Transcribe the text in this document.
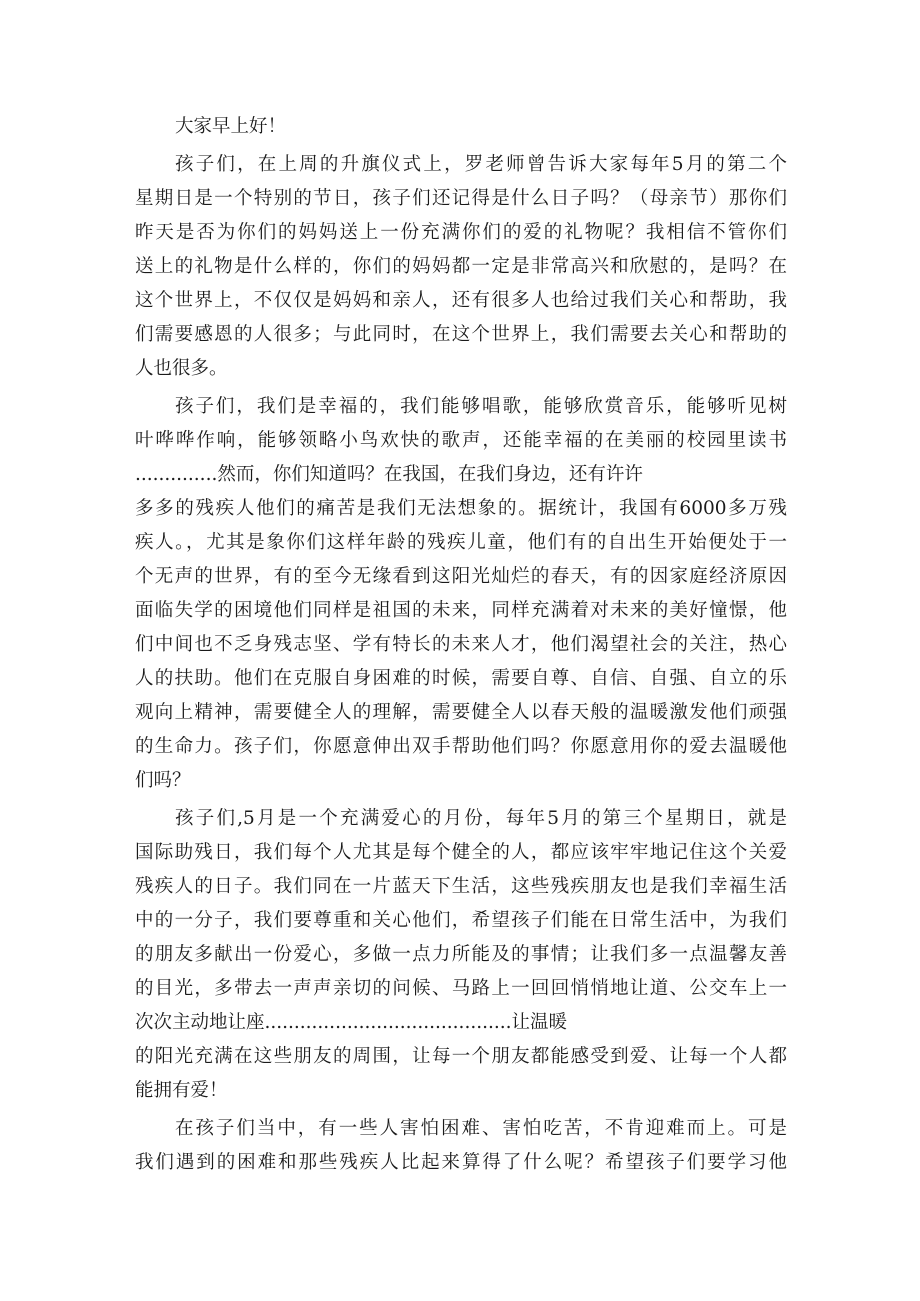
大家早上好！
孩子们，在上周的升旗仪式上，罗老师曾告诉大家每年5月的第二个
星期日是一个特别的节日，孩子们还记得是什么日子吗？（母亲节）那你们
昨天是否为你们的妈妈送上一份充满你们的爱的礼物呢？我相信不管你们
送上的礼物是什么样的，你们的妈妈都一定是非常高兴和欣慰的，是吗？在
这个世界上，不仅仅是妈妈和亲人，还有很多人也给过我们关心和帮助，我
们需要感恩的人很多；与此同时，在这个世界上，我们需要去关心和帮助的
人也很多。
孩子们，我们是幸福的，我们能够唱歌，能够欣赏音乐，能够听见树
叶哗哗作响，能够领略小鸟欢快的歌声，还能幸福的在美丽的校园里读书
..............然而，你们知道吗？在我国，在我们身边，还有许许
多多的残疾人他们的痛苦是我们无法想象的。据统计，我国有6000多万残
疾人。，尤其是象你们这样年龄的残疾儿童，他们有的自出生开始便处于一
个无声的世界，有的至今无缘看到这阳光灿烂的春天，有的因家庭经济原因
面临失学的困境他们同样是祖国的未来，同样充满着对未来的美好憧憬，他
们中间也不乏身残志坚、学有特长的未来人才，他们渴望社会的关注，热心
人的扶助。他们在克服自身困难的时候，需要自尊、自信、自强、自立的乐
观向上精神，需要健全人的理解，需要健全人以春天般的温暖激发他们顽强
的生命力。孩子们，你愿意伸出双手帮助他们吗？你愿意用你的爱去温暖他
们吗？
孩子们,5月是一个充满爱心的月份，每年5月的第三个星期日，就是
国际助残日，我们每个人尤其是每个健全的人，都应该牢牢地记住这个关爱
残疾人的日子。我们同在一片蓝天下生活，这些残疾朋友也是我们幸福生活
中的一分子，我们要尊重和关心他们，希望孩子们能在日常生活中，为我们
的朋友多献出一份爱心，多做一点力所能及的事情；让我们多一点温馨友善
的目光，多带去一声声亲切的问候、马路上一回回悄悄地让道、公交车上一
次次主动地让座..........................................让温暖
的阳光充满在这些朋友的周围，让每一个朋友都能感受到爱、让每一个人都
能拥有爱！
在孩子们当中，有一些人害怕困难、害怕吃苦，不肯迎难而上。可是
我们遇到的困难和那些残疾人比起来算得了什么呢？希望孩子们要学习他
